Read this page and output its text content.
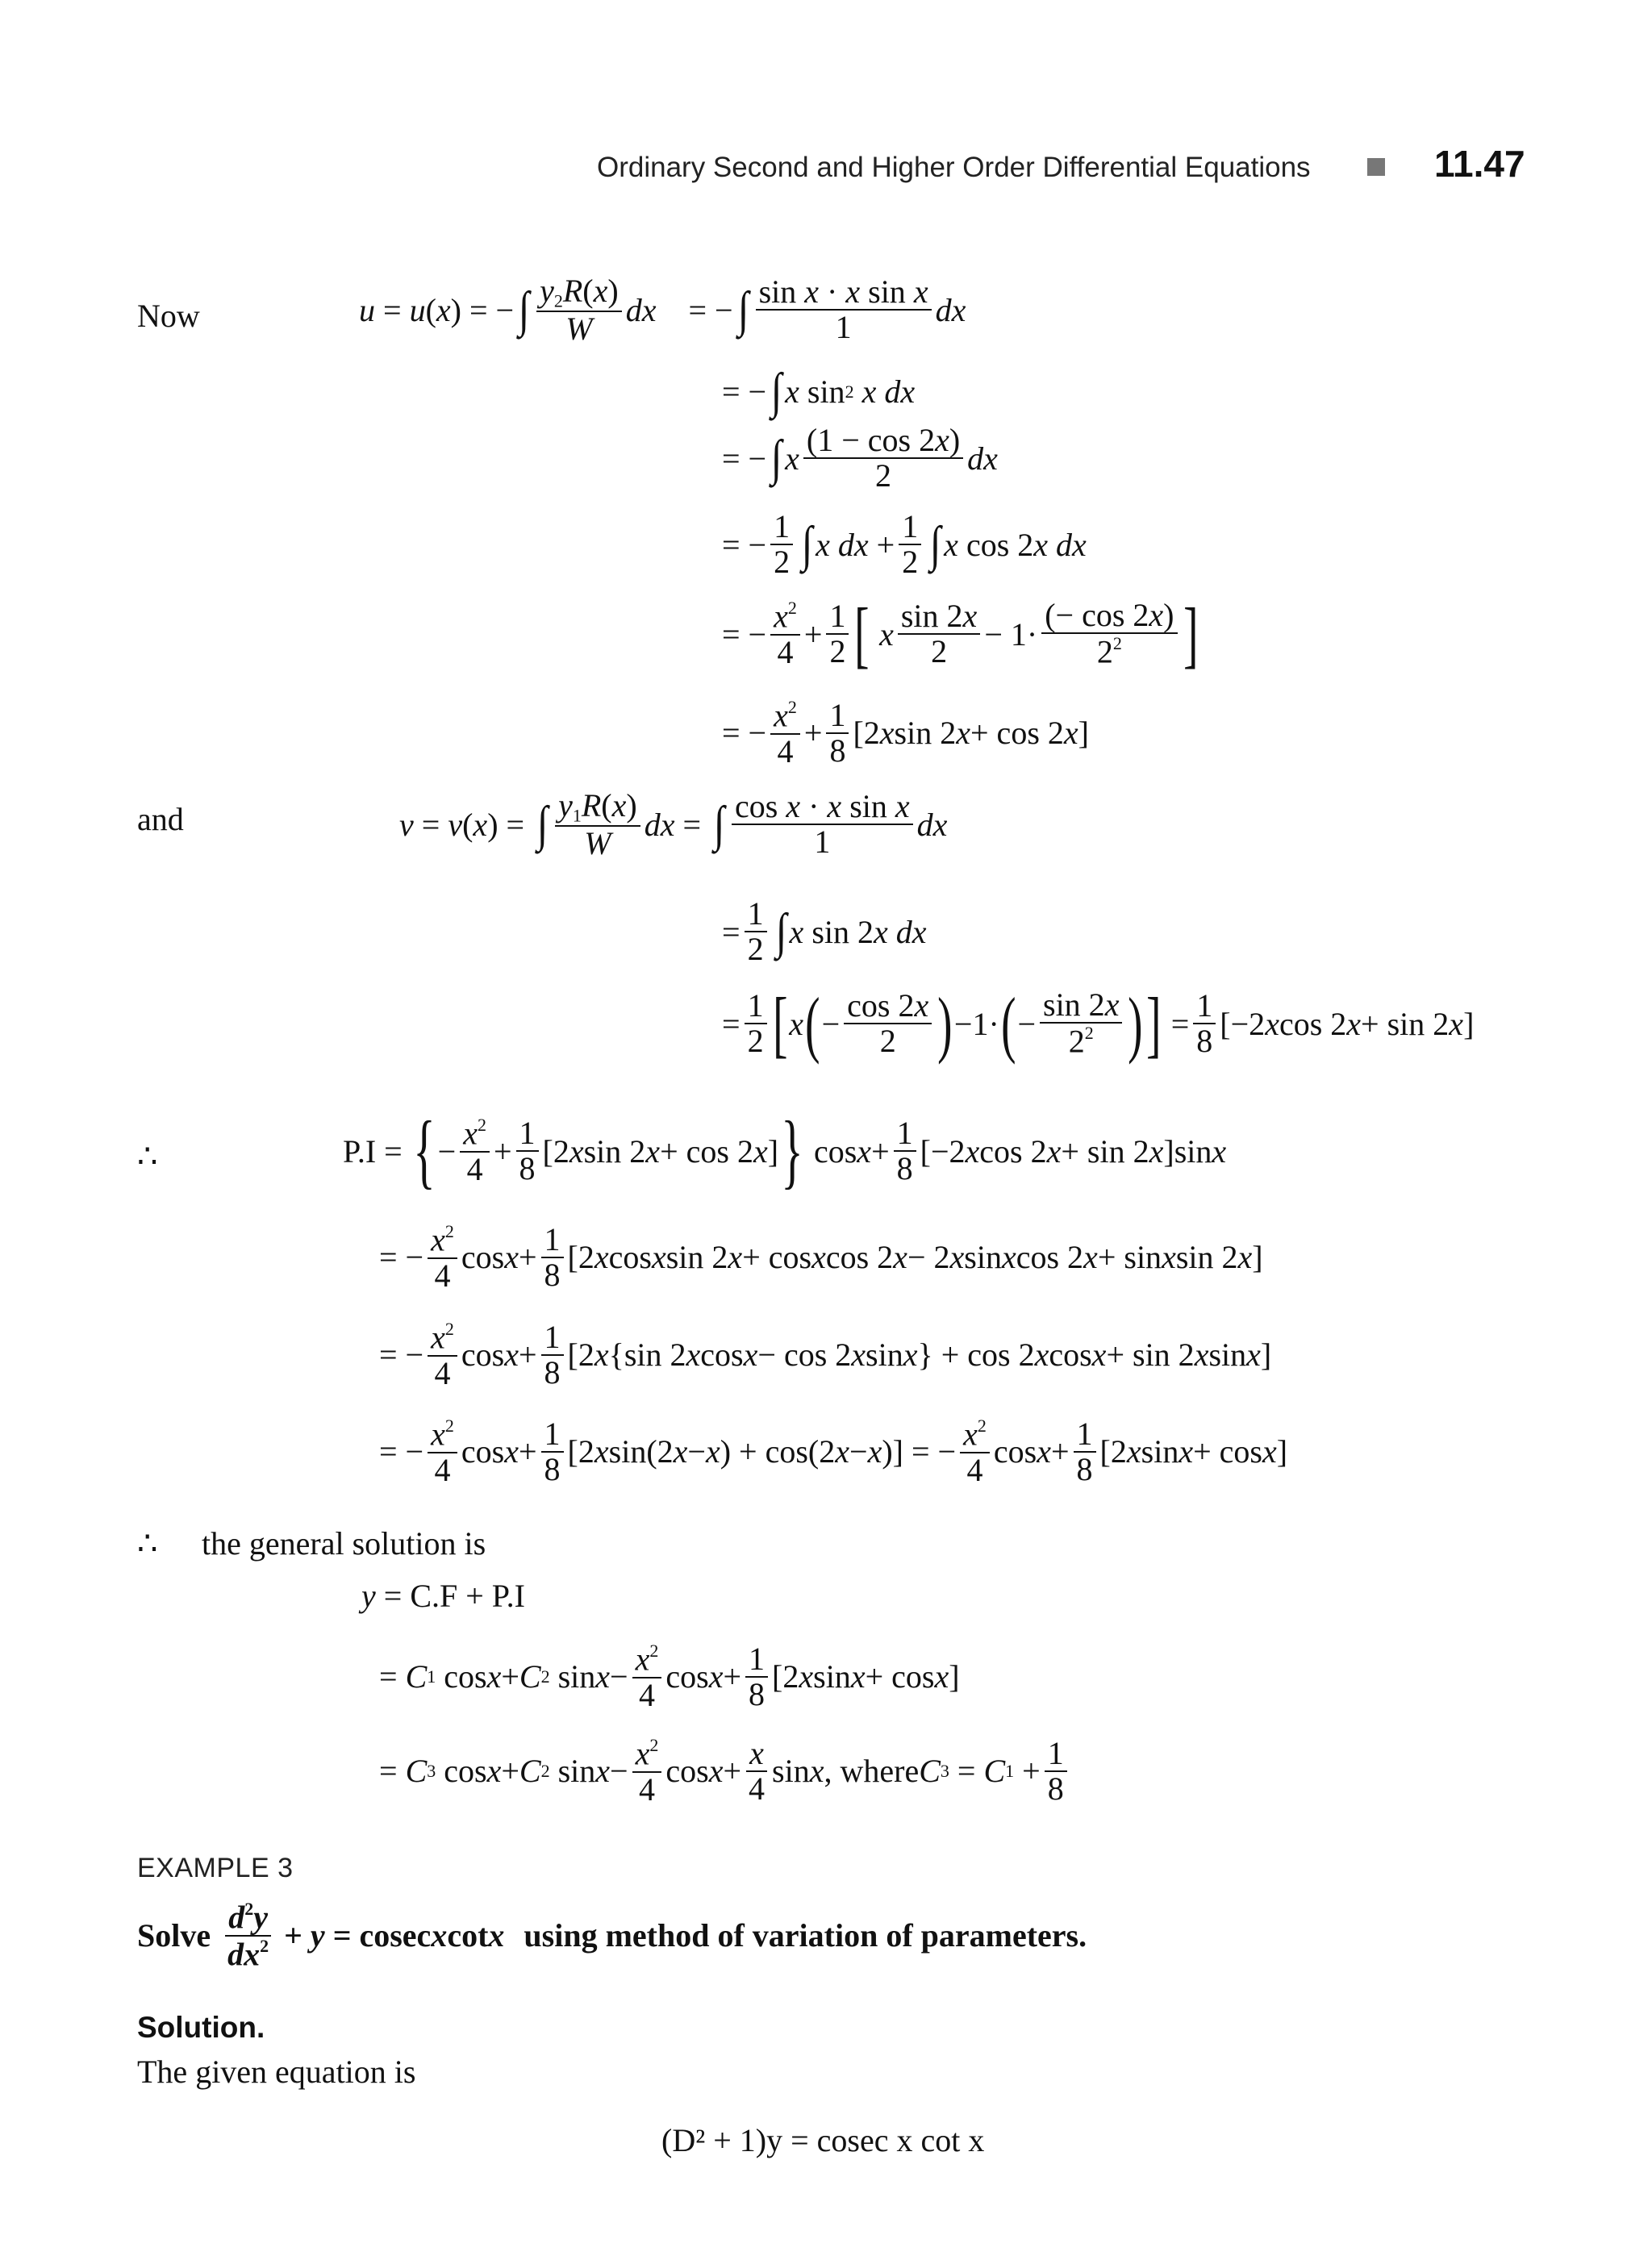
Ordinary Second and Higher Order Differential Equations	11.47
Now	u = u ( x ) = − ∫ $\frac{y_2R(x)}{W}$ dx = − ∫ $\frac{\text{sin x · x sin x}}{1}$ dx
= − ∫ x sin 2
x dx
= − ∫ x $\frac{(1 - \cos 2x)}{2}$ dx
= − $\frac{1}{2}$ ∫ x dx + $\frac{1}{2}$ ∫ x cos 2 x dx
= − $\frac{x^2}{4} + \frac{1}{2}$ [
x $\frac{\sin 2x}{2} - 1\cdot \frac{(- \cos 2x)}{2^2}$ ]
= − $\frac{x^2}{4} + \frac{1}{8} [2$ x sin 2 x + cos 2 x ]
and	v = v ( x ) = ∫ $\frac{y_1R(x)}{W}$ dx = ∫ $\frac{\text{cos x · x sin x}}{1}$ dx
= $\frac{1}{2}$ ∫ x sin 2 x dx
= $\frac{1}{2}$ [ x ( − $\frac{\cos 2x}{2}$ ) −1· ( − $\frac{\sin 2x}{2^2}$ ) ] = $\frac{1}{8} [-2$ x cos 2 x + sin 2 x ]
∴	P.I = { − $\frac{x^2}{4} + \frac{1}{8} [2$ x sin 2 x + cos 2 x ] } $\cos x + \frac{1}{8} [-2$ x cos 2 x + sin 2 x ]sin x
= − $\frac{x^2}{4}$ $\cos x + \frac{1}{8} [2$ x cos x sin 2 x + cos x cos 2 x − 2 x sin x cos 2 x + sin x sin 2 x ]
= − $\frac{x^2}{4}$ $\cos x + \frac{1}{8} [2$ x {sin 2 x cos x − cos 2 x sin x } + cos 2 x cos x + sin 2 x sin x ]
= − $\frac{x^2}{4}$ $\cos x + \frac{1}{8} [2$ x sin(2 x − x ) + cos(2 x − x )] = − $\frac{x^2}{4}$ $\cos x + \frac{1}{8} [2$ x sin x + cos x ]
∴ the general solution is
y = C.F + P.I
= C 1 cos x + C 2 $\sin x - \frac{x^2}{4}$ $\cos x + \frac{1}{8} [2$ x sin x + cos x ]
= C 3 cos x + C 2 $\sin x - \frac{x^2}{4}$ $\cos x + \frac{x}{4}$ sin x , where C 3 = C $1 + \frac{1}{8}$
EXAMPLE 3
Solve $\frac{d^2y}{dx^2} + y = cosec$ x cot x using method of variation of parameters.
Solution.
The given equation is
(D² + 1)y = cosec x cot x
